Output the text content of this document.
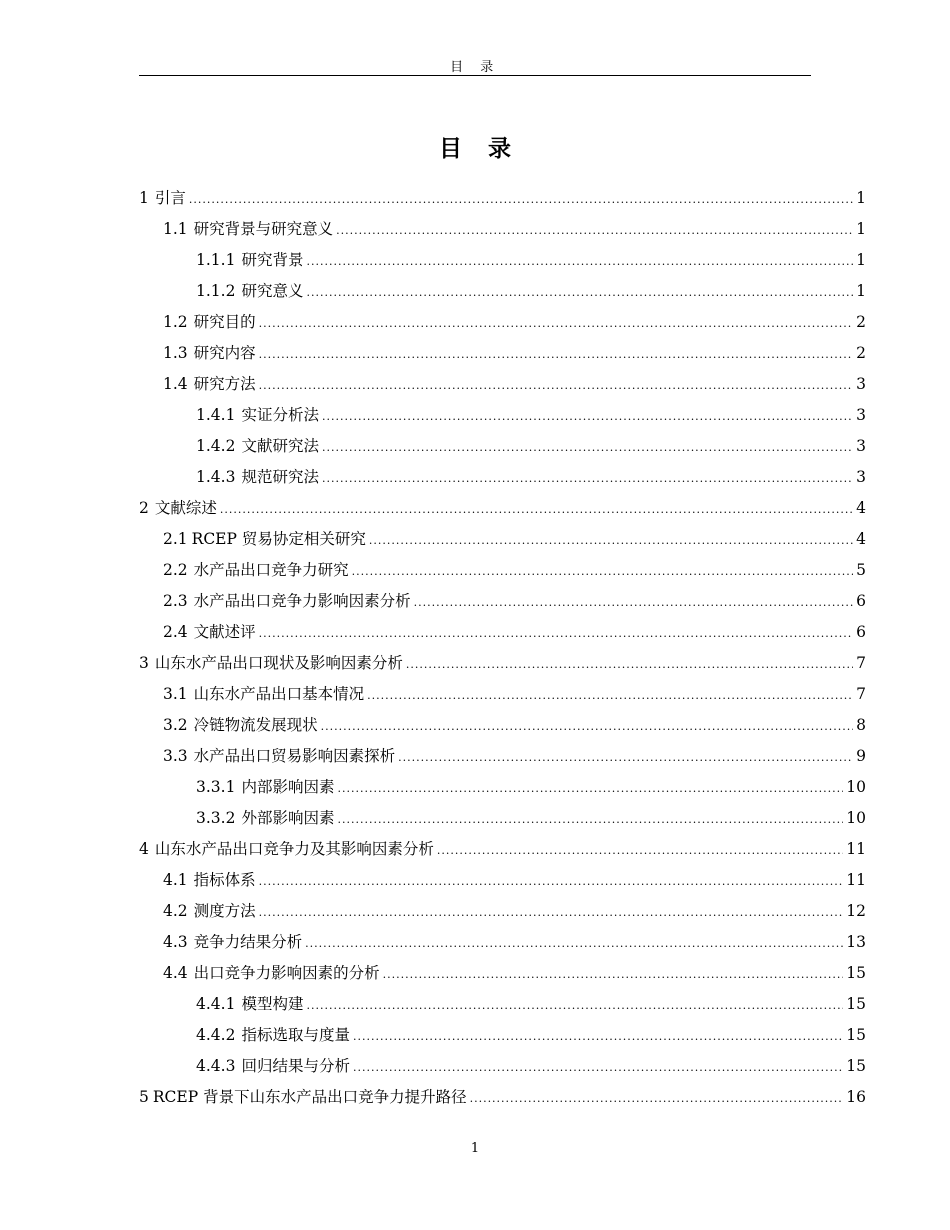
目 录
目 录
1 引言 .....	1
1.1 研究背景与研究意义 .....	1
1.1.1 研究背景 .....	1
1.1.2 研究意义 .....	1
1.2 研究目的 .....	2
1.3 研究内容 .....	2
1.4 研究方法 .....	3
1.4.1 实证分析法 .....	3
1.4.2 文献研究法 .....	3
1.4.3 规范研究法 .....	3
2 文献综述 .....	4
2.1 RCEP 贸易协定相关研究 .....	4
2.2 水产品出口竞争力研究 .....	5
2.3 水产品出口竞争力影响因素分析 .....	6
2.4 文献述评 .....	6
3 山东水产品出口现状及影响因素分析 .....	7
3.1 山东水产品出口基本情况 .....	7
3.2 冷链物流发展现状 .....	8
3.3 水产品出口贸易影响因素探析 .....	9
3.3.1 内部影响因素 .....	10
3.3.2 外部影响因素 .....	10
4 山东水产品出口竞争力及其影响因素分析 .....	11
4.1 指标体系 .....	11
4.2 测度方法 .....	12
4.3 竞争力结果分析 .....	13
4.4 出口竞争力影响因素的分析 .....	15
4.4.1 模型构建 .....	15
4.4.2 指标选取与度量 .....	15
4.4.3 回归结果与分析 .....	15
5 RCEP 背景下山东水产品出口竞争力提升路径 .....	16
1
